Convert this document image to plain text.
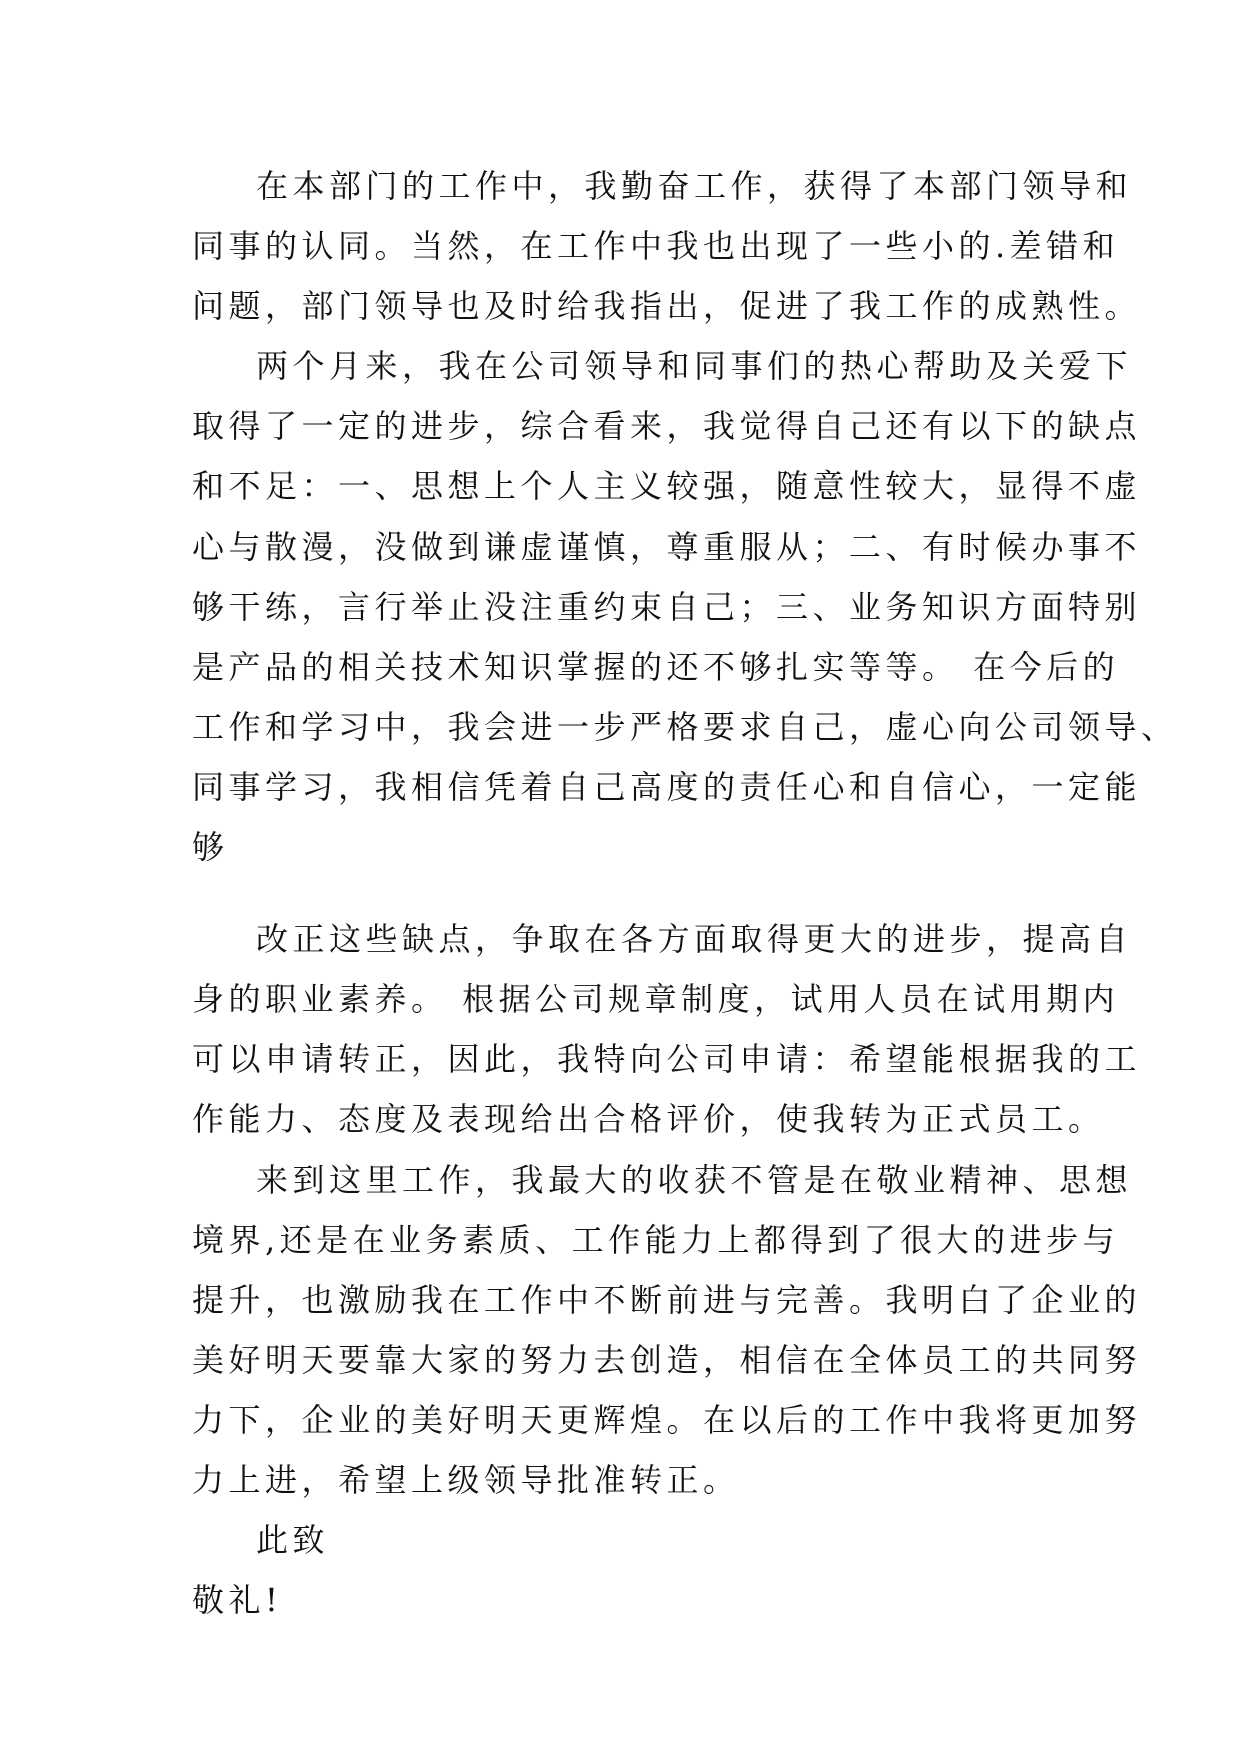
在本部门的工作中，我勤奋工作，获得了本部门领导和
同事的认同。当然，在工作中我也出现了一些小的.差错和
问题，部门领导也及时给我指出，促进了我工作的成熟性。
两个月来，我在公司领导和同事们的热心帮助及关爱下
取得了一定的进步，综合看来，我觉得自己还有以下的缺点
和不足：一、思想上个人主义较强，随意性较大，显得不虚
心与散漫，没做到谦虚谨慎，尊重服从；二、有时候办事不
够干练，言行举止没注重约束自己；三、业务知识方面特别
是产品的相关技术知识掌握的还不够扎实等等。 在今后的
工作和学习中，我会进一步严格要求自己，虚心向公司领导、
同事学习，我相信凭着自己高度的责任心和自信心，一定能
够
改正这些缺点，争取在各方面取得更大的进步，提高自
身的职业素养。 根据公司规章制度，试用人员在试用期内
可以申请转正，因此，我特向公司申请：希望能根据我的工
作能力、态度及表现给出合格评价，使我转为正式员工。
来到这里工作，我最大的收获不管是在敬业精神、思想
境界,还是在业务素质、工作能力上都得到了很大的进步与
提升，也激励我在工作中不断前进与完善。我明白了企业的
美好明天要靠大家的努力去创造，相信在全体员工的共同努
力下，企业的美好明天更辉煌。在以后的工作中我将更加努
力上进，希望上级领导批准转正。
此致
敬礼!
